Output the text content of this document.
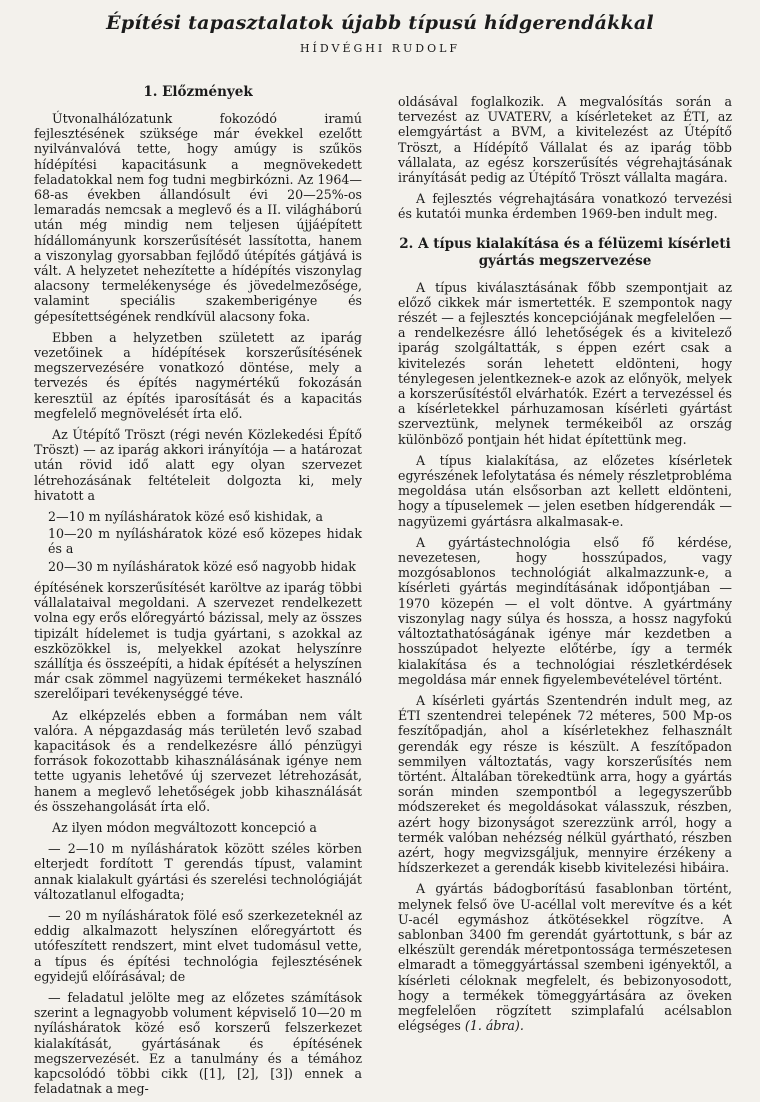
Építési tapasztalatok újabb típusú hídgerendákkal
HÍDVÉGHI RUDOLF
1. Előzmények

Útvonalhálózatunk fokozódó iramú fejlesztésének szüksége már évekkel ezelőtt nyilvánvalóvá tette, hogy amúgy is szűkös hídépítési kapacitásunk a megnövekedett feladatokkal nem fog tudni megbirkózni. Az 1964—68-as években állandósult évi 20—25%-os lemaradás nemcsak a meglevő és a II. világháború után még mindig nem teljesen újjáépített hídállományunk korszerűsítését lassította, hanem a viszonylag gyorsabban fejlődő útépítés gátjává is vált. A helyzetet nehezítette a hídépítés viszonylag alacsony termelékenysége és jövedelmezősége, valamint speciális szakemberigénye és gépesítettségének rendkívül alacsony foka.

Ebben a helyzetben született az iparág vezetőinek a hídépítések korszerűsítésének megszervezésére vonatkozó döntése, mely a tervezés és építés nagymértékű fokozásán keresztül az építés iparosítását és a kapacitás megfelelő megnövelését írta elő.

Az Útépítő Tröszt (régi nevén Közlekedési Építő Tröszt) — az iparág akkori irányítója — a határozat után rövid idő alatt egy olyan szervezet létrehozásának feltételeit dolgozta ki, mely hivatott a

2—10 m nyílásháratok közé eső kishidak, a

10—20 m nyílásháratok közé eső közepes hidak és a

20—30 m nyílásháratok közé eső nagyobb hidak

építésének korszerűsítését karöltve az iparág többi vállalataival megoldani. A szervezet rendelkezett volna egy erős előregyártó bázissal, mely az összes tipizált hídelemet is tudja gyártani, s azokkal az eszközökkel is, melyekkel azokat helyszínre szállítja és összeépíti, a hidak építését a helyszínen már csak zömmel nagyüzemi termékeket használó szerelőipari tevékenységgé téve.

Az elképzelés ebben a formában nem vált valóra. A népgazdaság más területén levő szabad kapacitások és a rendelkezésre álló pénzügyi források fokozottabb kihasználásának igénye nem tette ugyanis lehetővé új szervezet létrehozását, hanem a meglevő lehetőségek jobb kihasználását és összehangolását írta elő.

Az ilyen módon megváltozott koncepció a

— 2—10 m nyílásháratok között széles körben elterjedt fordított T gerendás típust, valamint annak kialakult gyártási és szerelési technológiáját változatlanul elfogadta;

— 20 m nyílásháratok fölé eső szerkezeteknél az eddig alkalmazott helyszínen előregyártott és utófeszített rendszert, mint elvet tudomásul vette, a típus és építési technológia fejlesztésének egyidejű előírásával; de

— feladatul jelölte meg az előzetes számítások szerint a legnagyobb volument képviselő 10—20 m nyílásháratok közé eső korszerű felszerkezet kialakítását, gyártásának és építésének megszervezését. Ez a tanulmány és a témához kapcsolódó többi cikk ([1], [2], [3]) ennek a feladatnak a meg-

oldásával foglalkozik. A megvalósítás során a tervezést az UVATERV, a kísérleteket az ÉTI, az elemgyártást a BVM, a kivitelezést az Útépítő Tröszt, a Hídépítő Vállalat és az iparág több vállalata, az egész korszerűsítés végrehajtásának irányítását pedig az Útépítő Tröszt vállalta magára.

A fejlesztés végrehajtására vonatkozó tervezési és kutatói munka érdemben 1969-ben indult meg.

2. A típus kialakítása és a félüzemi kísérleti gyártás megszervezése

A típus kiválasztásának főbb szempontjait az előző cikkek már ismertették. E szempontok nagy részét — a fejlesztés koncepciójának megfelelően — a rendelkezésre álló lehetőségek és a kivitelező iparág szolgáltatták, s éppen ezért csak a kivitelezés során lehetett eldönteni, hogy ténylegesen jelentkeznek-e azok az előnyök, melyek a korszerűsítéstől elvárhatók. Ezért a tervezéssel és a kísérletekkel párhuzamosan kísérleti gyártást szerveztünk, melynek termékeiből az ország különböző pontjain hét hidat építettünk meg.

A típus kialakítása, az előzetes kísérletek egyrészének lefolytatása és némely részletprobléma megoldása után elsősorban azt kellett eldönteni, hogy a típuselemek — jelen esetben hídgerendák — nagyüzemi gyártásra alkalmasak-e.

A gyártástechnológia első fő kérdése, nevezetesen, hogy hosszúpados, vagy mozgósablonos technológiát alkalmazzunk-e, a kísérleti gyártás megindításának időpontjában — 1970 közepén — el volt döntve. A gyártmány viszonylag nagy súlya és hossza, a hossz nagyfokú változtathatóságának igénye már kezdetben a hosszúpadot helyezte előtérbe, így a termék kialakítása és a technológiai részletkérdések megoldása már ennek figyelembevételével történt.

A kísérleti gyártás Szentendrén indult meg, az ÉTI szentendrei telepének 72 méteres, 500 Mp-os feszítőpadján, ahol a kísérletekhez felhasznált gerendák egy része is készült. A feszítőpadon semmilyen változtatás, vagy korszerűsítés nem történt. Általában törekedtünk arra, hogy a gyártás során minden szempontból a legegyszerűbb módszereket és megoldásokat válasszuk, részben, azért hogy bizonyságot szerezzünk arról, hogy a termék valóban nehézség nélkül gyártható, részben azért, hogy megvizsgáljuk, mennyire érzékeny a hídszerkezet a gerendák kisebb kivitelezési hibáira.

A gyártás bádogborítású fasablonban történt, melynek felső öve U-acéllal volt merevítve és a két U-acél egymáshoz átkötésekkel rögzítve. A sablonban 3400 fm gerendát gyártottunk, s bár az elkészült gerendák méretpontossága természetesen elmaradt a tömeggyártással szembeni igényektől, a kísérleti céloknak megfelelt, és bebizonyosodott, hogy a termékek tömeggyártására az öveken megfelelően rögzített szimplafalú acélsablon elégséges (1. ábra).
